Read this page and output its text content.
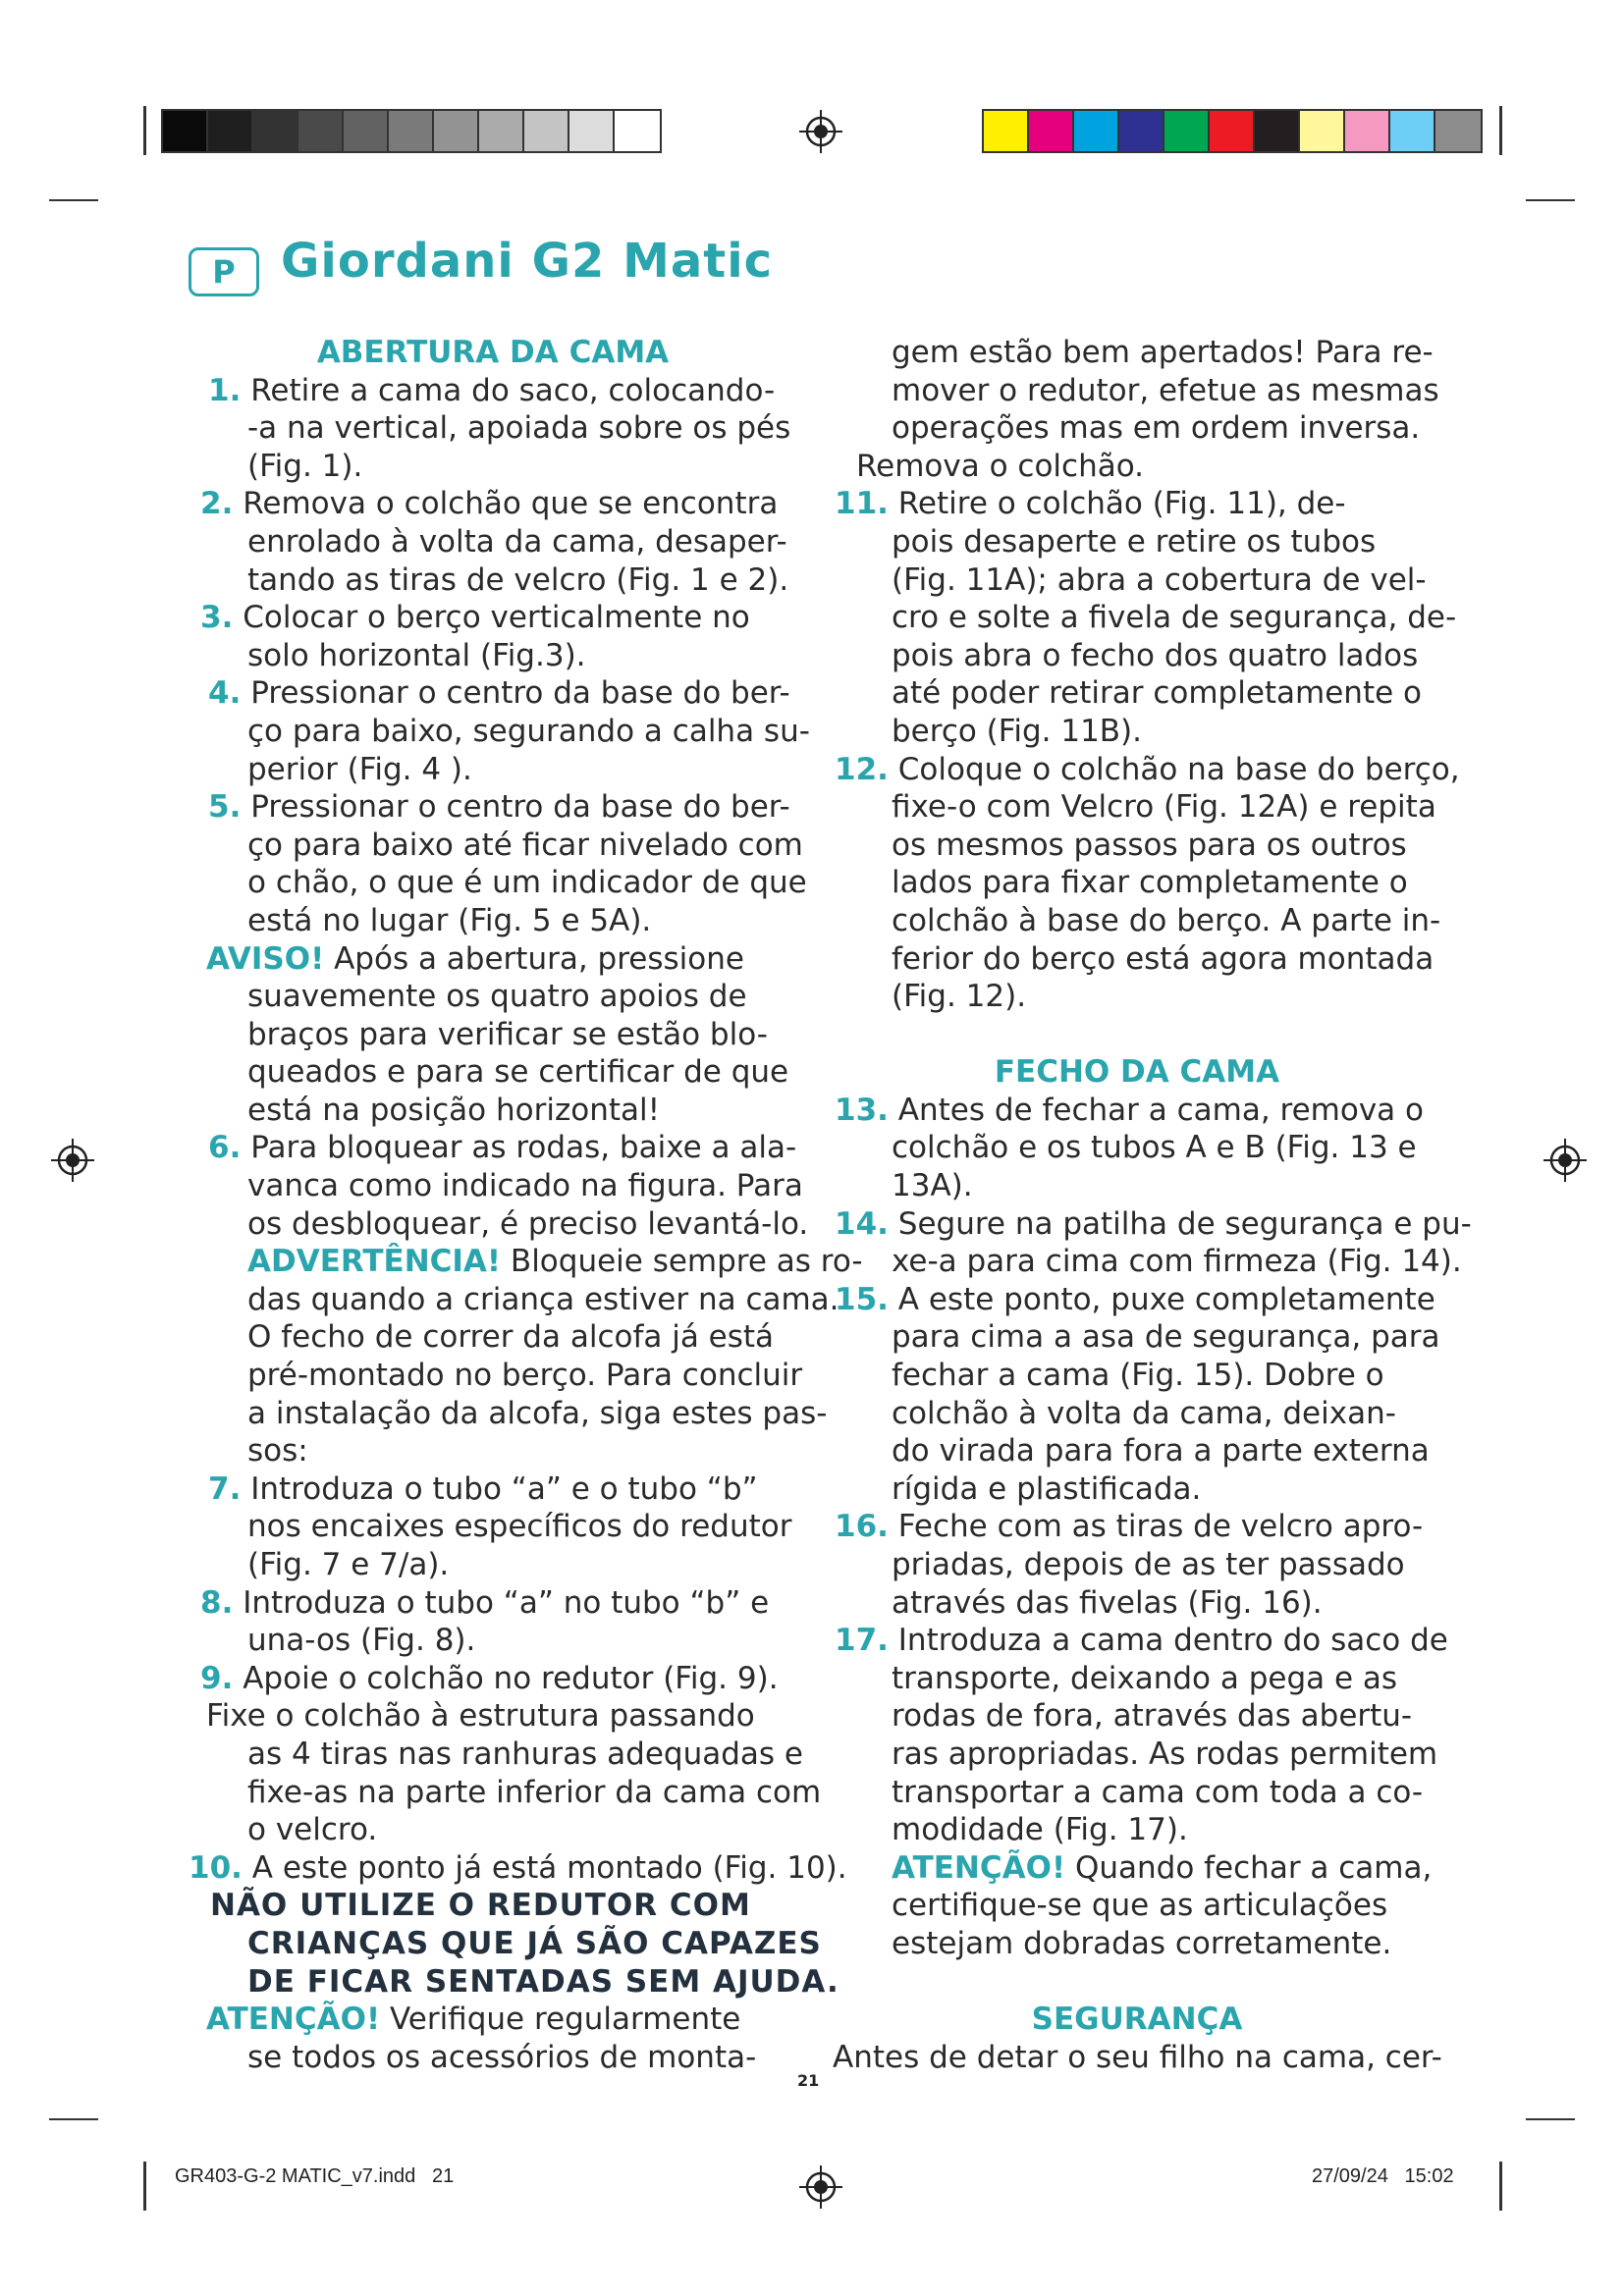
P Giordani G2 Matic
ABERTURA DA CAMA
1. Retire a cama do saco, colocando-
-a na vertical, apoiada sobre os pés
(Fig. 1).
2. Remova o colchão que se encontra
enrolado à volta da cama, desaper-
tando as tiras de velcro (Fig. 1 e 2).
3. Colocar o berço verticalmente no
solo horizontal (Fig.3).
4. Pressionar o centro da base do ber-
ço para baixo, segurando a calha su-
perior (Fig. 4 ).
5. Pressionar o centro da base do ber-
ço para baixo até ficar nivelado com
o chão, o que é um indicador de que
está no lugar (Fig. 5 e 5A).
AVISO! Após a abertura, pressione
suavemente os quatro apoios de
braços para verificar se estão blo-
queados e para se certificar de que
está na posição horizontal!
6. Para bloquear as rodas, baixe a ala-
vanca como indicado na figura. Para
os desbloquear, é preciso levantá-lo.
ADVERTÊNCIA! Bloqueie sempre as ro-
das quando a criança estiver na cama.
O fecho de correr da alcofa já está
pré-montado no berço. Para concluir
a instalação da alcofa, siga estes pas-
sos:
7. Introduza o tubo “a” e o tubo “b”
nos encaixes específicos do redutor
(Fig. 7 e 7/a).
8. Introduza o tubo “a” no tubo “b” e
una-os (Fig. 8).
9. Apoie o colchão no redutor (Fig. 9).
Fixe o colchão à estrutura passando
as 4 tiras nas ranhuras adequadas e
fixe-as na parte inferior da cama com
o velcro.
10. A este ponto já está montado (Fig. 10).
NÃO UTILIZE O REDUTOR COM
CRIANÇAS QUE JÁ SÃO CAPAZES
DE FICAR SENTADAS SEM AJUDA.
ATENÇÃO! Verifique regularmente
se todos os acessórios de monta-
gem estão bem apertados! Para re-
mover o redutor, efetue as mesmas
operações mas em ordem inversa.
Remova o colchão.
11. Retire o colchão (Fig. 11), de-
pois desaperte e retire os tubos
(Fig. 11A); abra a cobertura de vel-
cro e solte a fivela de segurança, de-
pois abra o fecho dos quatro lados
até poder retirar completamente o
berço (Fig. 11B).
12. Coloque o colchão na base do berço,
fixe-o com Velcro (Fig. 12A) e repita
os mesmos passos para os outros
lados para fixar completamente o
colchão à base do berço. A parte in-
ferior do berço está agora montada
(Fig. 12).
FECHO DA CAMA
13. Antes de fechar a cama, remova o
colchão e os tubos A e B (Fig. 13 e
13A).
14. Segure na patilha de segurança e pu-
xe-a para cima com firmeza (Fig. 14).
15. A este ponto, puxe completamente
para cima a asa de segurança, para
fechar a cama (Fig. 15). Dobre o
colchão à volta da cama, deixan-
do virada para fora a parte externa
rígida e plastificada.
16. Feche com as tiras de velcro apro-
priadas, depois de as ter passado
através das fivelas (Fig. 16).
17. Introduza a cama dentro do saco de
transporte, deixando a pega e as
rodas de fora, através das abertu-
ras apropriadas. As rodas permitem
transportar a cama com toda a co-
modidade (Fig. 17).
ATENÇÃO! Quando fechar a cama,
certifique-se que as articulações
estejam dobradas corretamente.
SEGURANÇA
Antes de detar o seu filho na cama, cer-
21
GR403-G-2 MATIC_v7.indd   21	27/09/24   15:02
